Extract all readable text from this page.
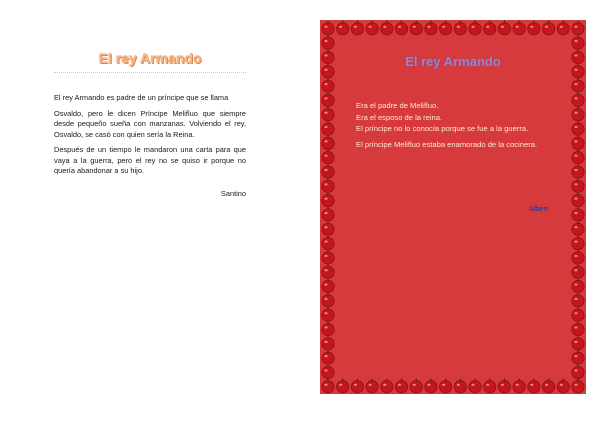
El rey Armando

El rey Armando es padre de un príncipe que se llama

Osvaldo, pero le dicen Príncipe Melifluo que siempre desde pequeño sueña con manzanas. Volviendo el rey, Osvaldo, se casó con quien sería la Reina.

Después de un tiempo le mandaron una carta para que vaya a la guerra, pero el rey no se quiso ir porque no quería abandonar a su hijo.

Santino
El rey Armando

Era el padre de Melifluo.

Era el esposo de la reina.

El príncipe no lo conocía porque se fue a la guerra.

El príncipe Melifluo estaba enamorado de la cocinera.

Albert
